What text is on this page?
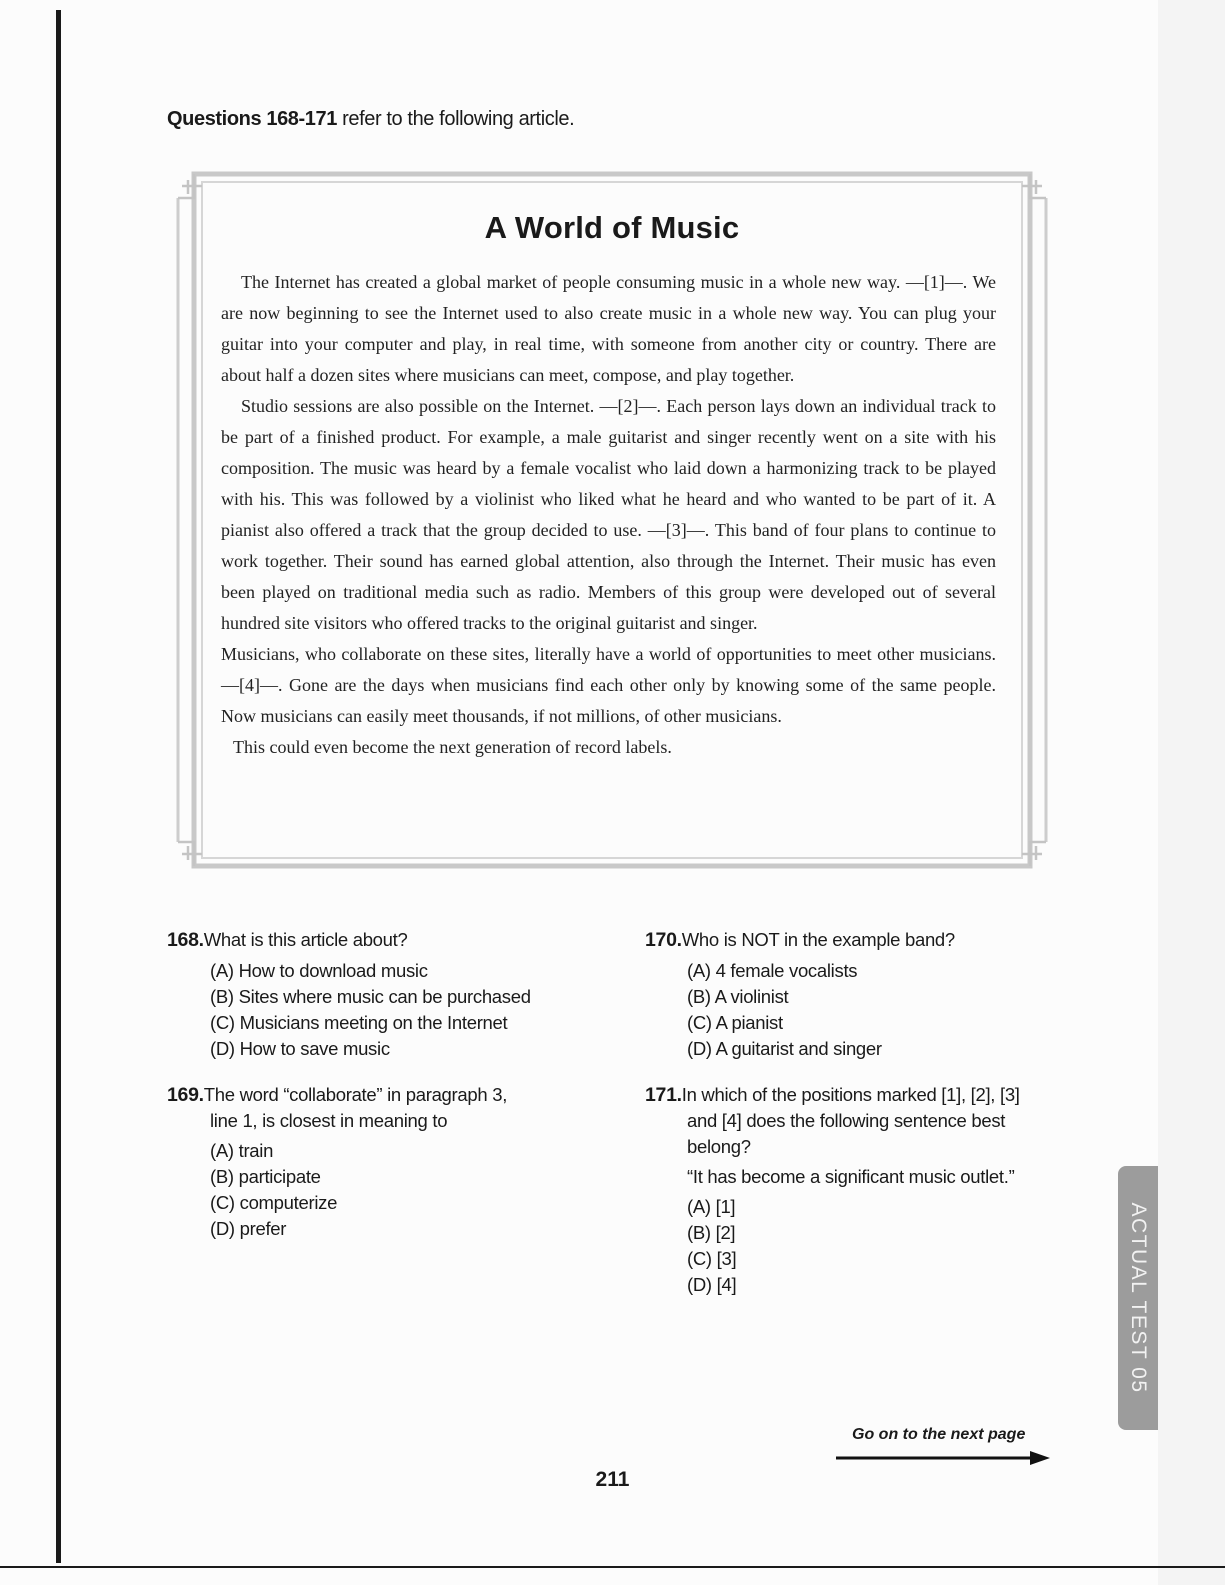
Questions 168-171 refer to the following article.
A World of Music

The Internet has created a global market of people consuming music in a whole new way. —[1]—. We are now beginning to see the Internet used to also create music in a whole new way. You can plug your guitar into your computer and play, in real time, with someone from another city or country. There are about half a dozen sites where musicians can meet, compose, and play together.

Studio sessions are also possible on the Internet. —[2]—. Each person lays down an individual track to be part of a finished product. For example, a male guitarist and singer recently went on a site with his composition. The music was heard by a female vocalist who laid down a harmonizing track to be played with his. This was followed by a violinist who liked what he heard and who wanted to be part of it. A pianist also offered a track that the group decided to use. —[3]—. This band of four plans to continue to work together. Their sound has earned global attention, also through the Internet. Their music has even been played on traditional media such as radio. Members of this group were developed out of several hundred site visitors who offered tracks to the original guitarist and singer.

Musicians, who collaborate on these sites, literally have a world of opportunities to meet other musicians. —[4]—. Gone are the days when musicians find each other only by knowing some of the same people. Now musicians can easily meet thousands, if not millions, of other musicians.

This could even become the next generation of record labels.

168.What is this article about?
(A) How to download music
(B) Sites where music can be purchased
(C) Musicians meeting on the Internet
(D) How to save music
169.The word “collaborate” in paragraph 3,
line 1, is closest in meaning to
(A) train
(B) participate
(C) computerize
(D) prefer
170.Who is NOT in the example band?
(A) 4 female vocalists
(B) A violinist
(C) A pianist
(D) A guitarist and singer
171.In which of the positions marked [1], [2], [3]
and [4] does the following sentence best
belong?
“It has become a significant music outlet.”
(A) [1]
(B) [2]
(C) [3]
(D) [4]	ACTUAL TEST 05
Go on to the next page
211
